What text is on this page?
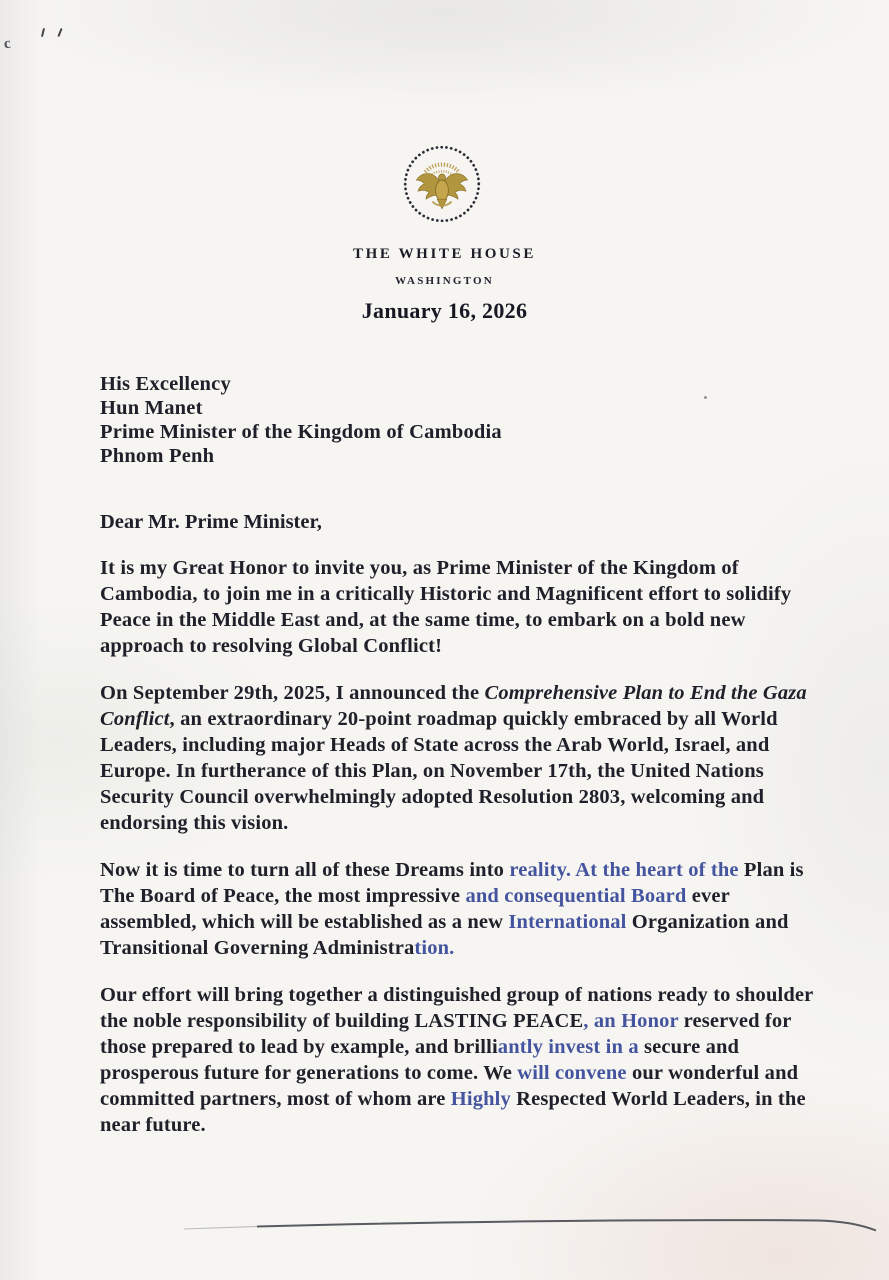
c
THE WHITE HOUSE
WASHINGTON
January 16, 2026
His Excellency
Hun Manet
Prime Minister of the Kingdom of Cambodia
Phnom Penh
Dear Mr. Prime Minister,

It is my Great Honor to invite you, as Prime Minister of the Kingdom of Cambodia, to join me in a critically Historic and Magnificent effort to solidify Peace in the Middle East and, at the same time, to embark on a bold new approach to resolving Global Conflict!

On September 29th, 2025, I announced the Comprehensive Plan to End the Gaza Conflict, an extraordinary 20-point roadmap quickly embraced by all World Leaders, including major Heads of State across the Arab World, Israel, and Europe. In furtherance of this Plan, on November 17th, the United Nations Security Council overwhelmingly adopted Resolution 2803, welcoming and endorsing this vision.

Now it is time to turn all of these Dreams into reality. At the heart of the Plan is The Board of Peace, the most impressive and consequential Board ever assembled, which will be established as a new International Organization and Transitional Governing Administration.

Our effort will bring together a distinguished group of nations ready to shoulder the noble responsibility of building LASTING PEACE, an Honor reserved for those prepared to lead by example, and brilliantly invest in a secure and prosperous future for generations to come. We will convene our wonderful and committed partners, most of whom are Highly Respected World Leaders, in the near future.
